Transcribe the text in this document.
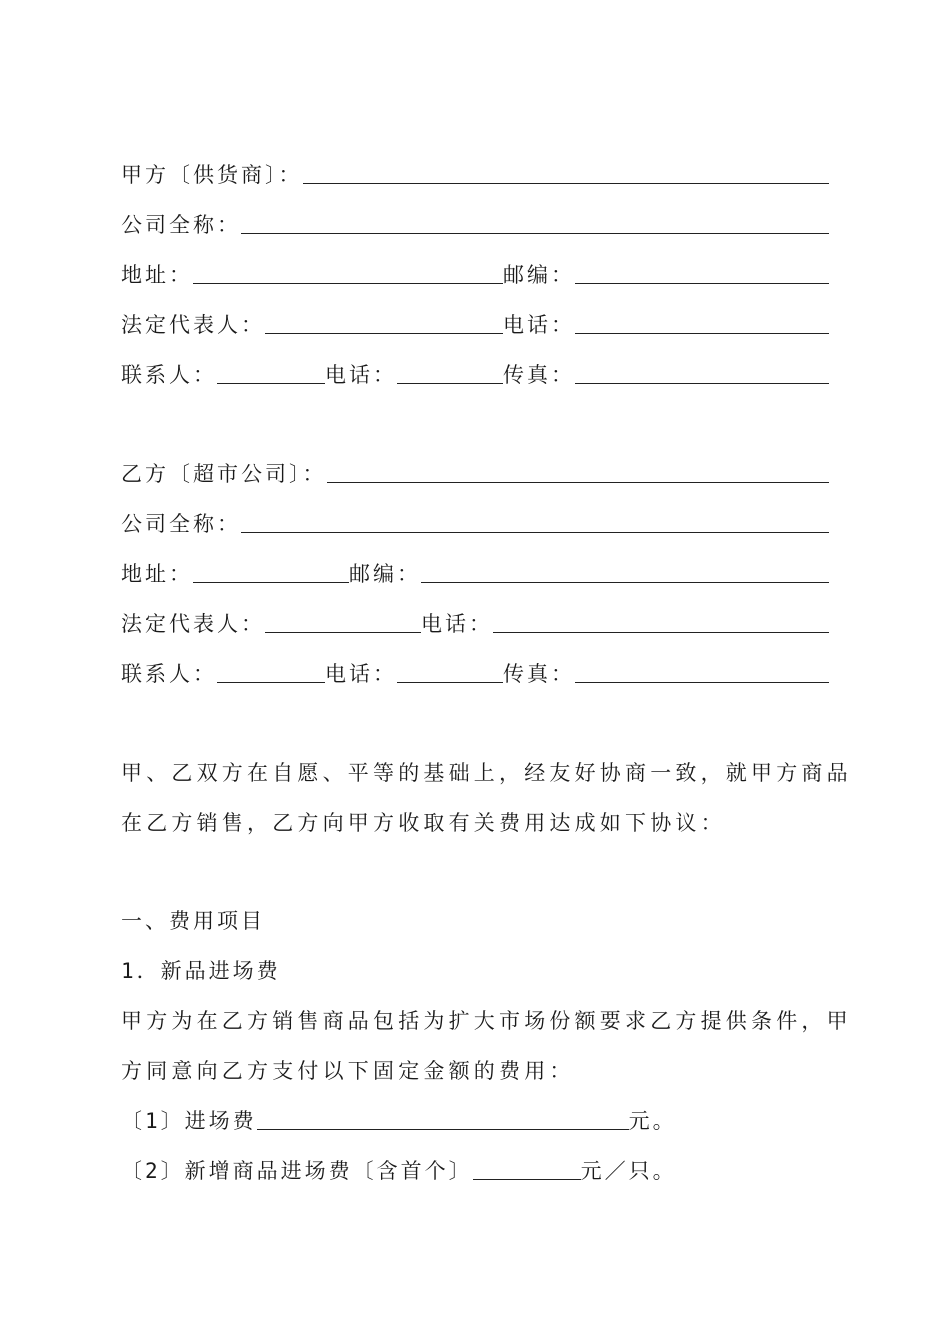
甲方〔供货商〕：
公司全称：
地址：	邮编：
法定代表人：	电话：
联系人：	电话：	传真：
乙方〔超市公司〕：
公司全称：
地址：	邮编：
法定代表人：	电话：
联系人：	电话：	传真：
甲、乙双方在自愿、平等的基础上，经友好协商一致，就甲方商品
在乙方销售，乙方向甲方收取有关费用达成如下协议：
一、费用项目
1．新品进场费
甲方为在乙方销售商品包括为扩大市场份额要求乙方提供条件，甲
方同意向乙方支付以下固定金额的费用：
〔1〕进场费	元。
〔2〕新增商品进场费〔含首个〕	元／只。
